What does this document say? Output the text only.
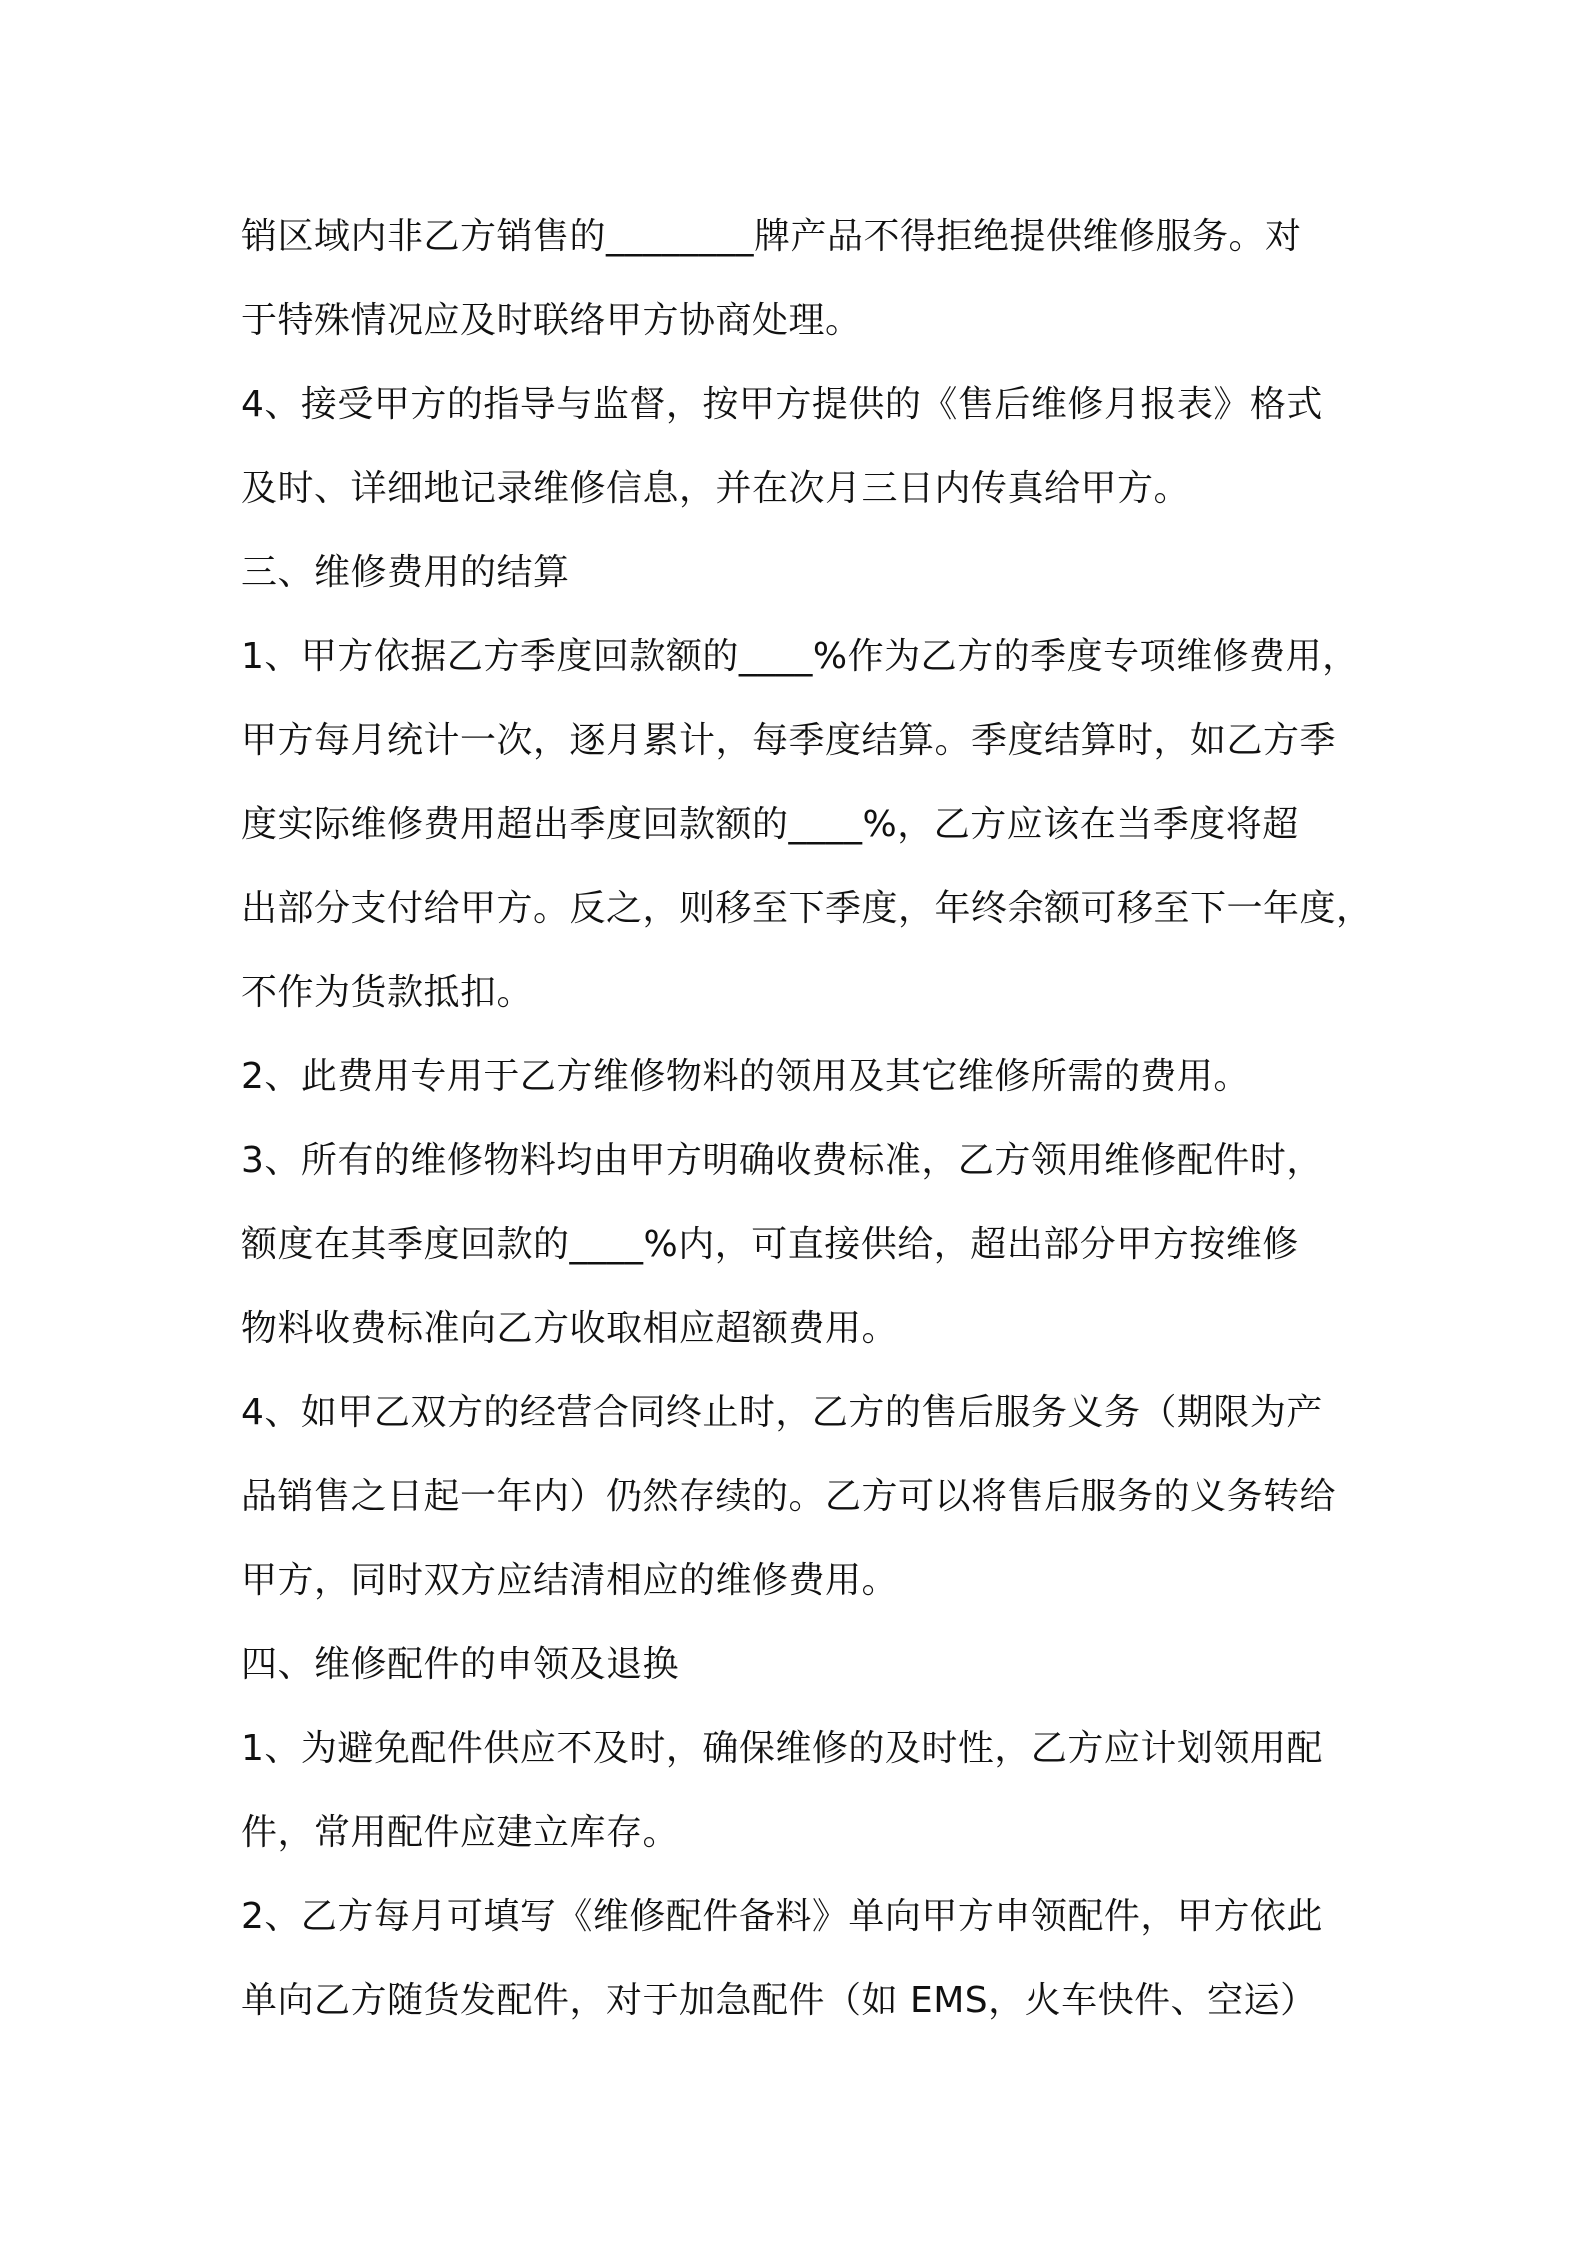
销区域内非乙方销售的________牌产品不得拒绝提供维修服务。对
于特殊情况应及时联络甲方协商处理。
4、接受甲方的指导与监督，按甲方提供的《售后维修月报表》格式
及时、详细地记录维修信息，并在次月三日内传真给甲方。
三、维修费用的结算
1、甲方依据乙方季度回款额的____%作为乙方的季度专项维修费用，
甲方每月统计一次，逐月累计，每季度结算。季度结算时，如乙方季
度实际维修费用超出季度回款额的____%，乙方应该在当季度将超
出部分支付给甲方。反之，则移至下季度，年终余额可移至下一年度，
不作为货款抵扣。
2、此费用专用于乙方维修物料的领用及其它维修所需的费用。
3、所有的维修物料均由甲方明确收费标准，乙方领用维修配件时，
额度在其季度回款的____%内，可直接供给，超出部分甲方按维修
物料收费标准向乙方收取相应超额费用。
4、如甲乙双方的经营合同终止时，乙方的售后服务义务（期限为产
品销售之日起一年内）仍然存续的。乙方可以将售后服务的义务转给
甲方，同时双方应结清相应的维修费用。
四、维修配件的申领及退换
1、为避免配件供应不及时，确保维修的及时性，乙方应计划领用配
件，常用配件应建立库存。
2、乙方每月可填写《维修配件备料》单向甲方申领配件，甲方依此
单向乙方随货发配件，对于加急配件（如 EMS，火车快件、空运）
